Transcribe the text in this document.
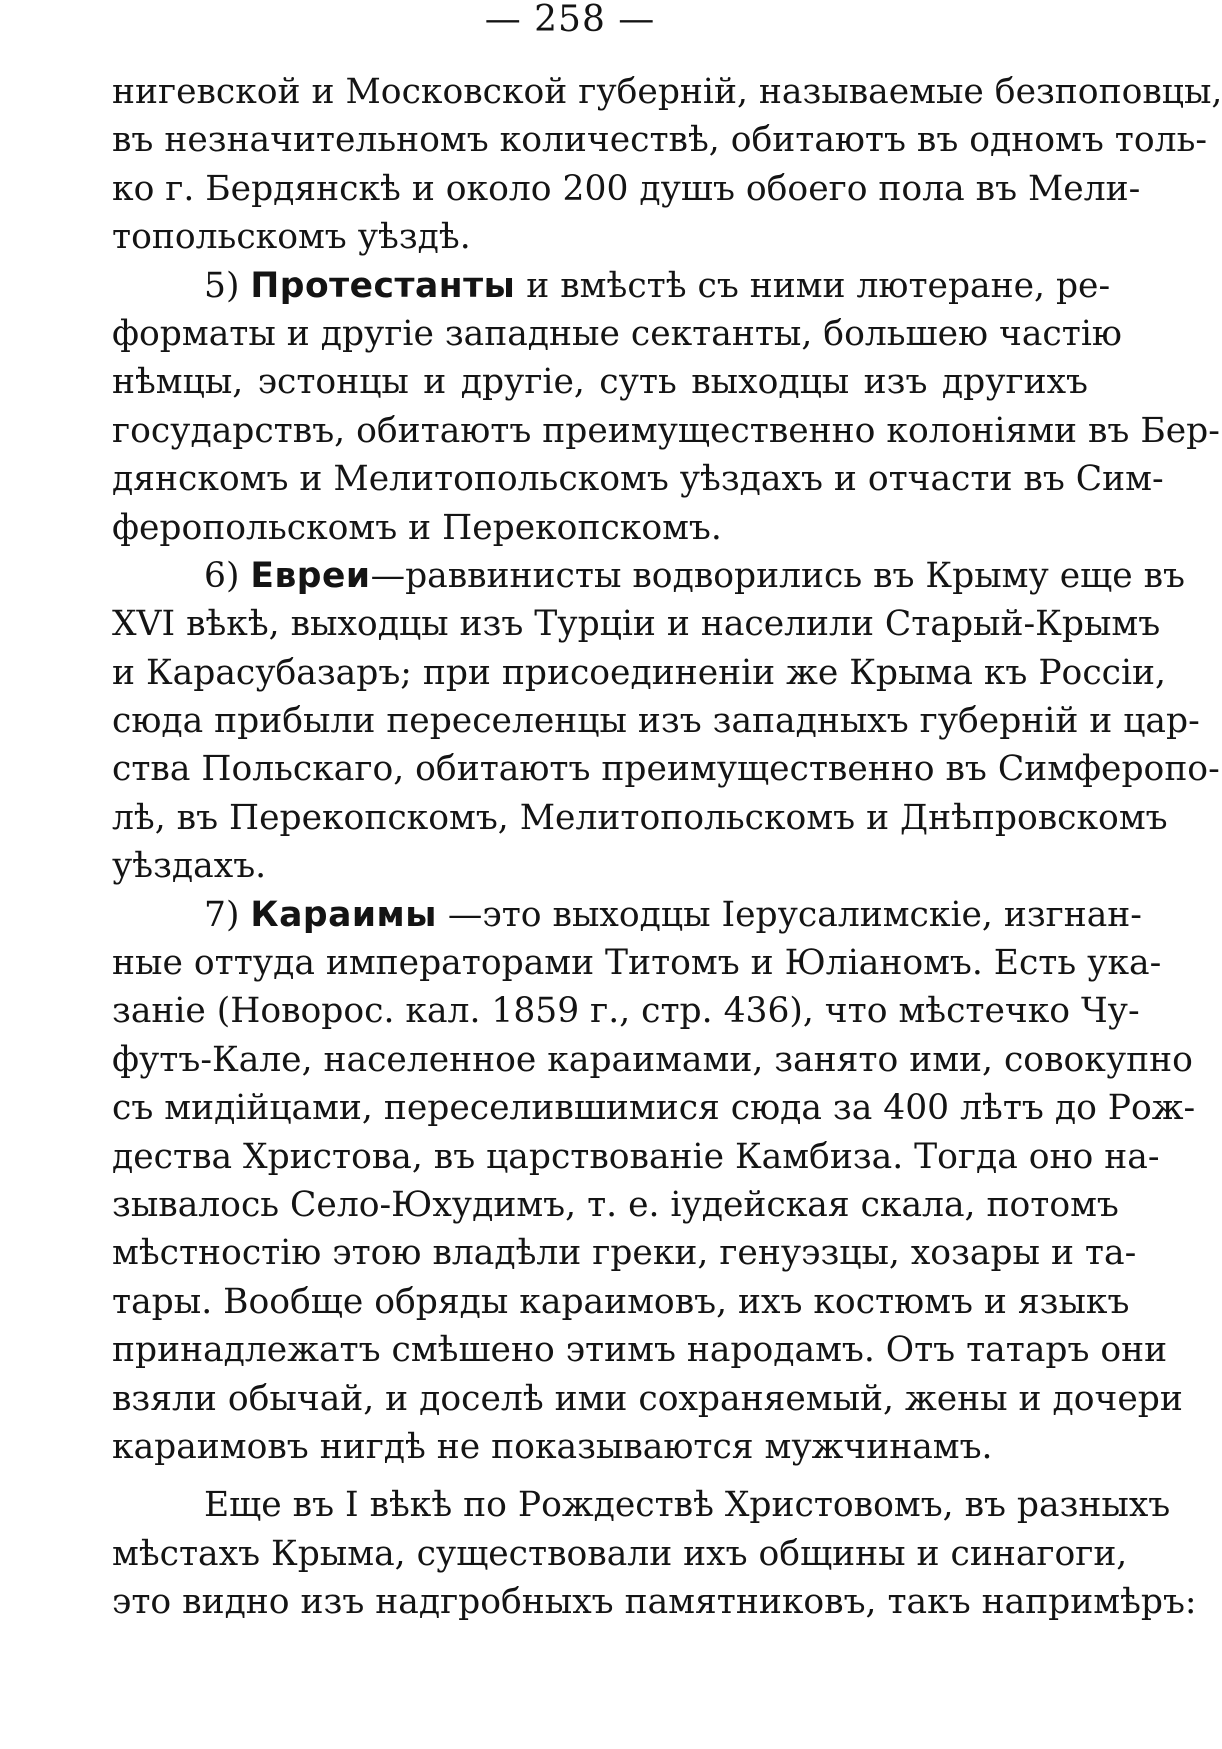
— 258 —
нигевской и Московской губерній, называемые безпоповцы,
въ незначительномъ количествѣ, обитаютъ въ одномъ толь-
ко г. Бердянскѣ и около 200 душъ обоего пола въ Мели-
топольскомъ уѣздѣ.
5) Протестанты и вмѣстѣ съ ними лютеране, ре-
форматы и другіе западные сектанты, большею частію
нѣмцы, эстонцы и другіе, суть выходцы изъ другихъ
государствъ, обитаютъ преимущественно колоніями въ Бер-
дянскомъ и Мелитопольскомъ уѣздахъ и отчасти въ Сим-
феропольскомъ и Перекопскомъ.
6) Евреи—раввинисты водворились въ Крыму еще въ
XVI вѣкѣ, выходцы изъ Турціи и населили Старый-Крымъ
и Карасубазаръ; при присоединеніи же Крыма къ Россіи,
сюда прибыли переселенцы изъ западныхъ губерній и цар-
ства Польскаго, обитаютъ преимущественно въ Симферопо-
лѣ, въ Перекопскомъ, Мелитопольскомъ и Днѣпровскомъ
уѣздахъ.
7) Караимы —это выходцы Іерусалимскіе, изгнан-
ные оттуда императорами Титомъ и Юліаномъ. Есть ука-
заніе (Новорос. кал. 1859 г., стр. 436), что мѣстечко Чу-
футъ-Кале, населенное караимами, занято ими, совокупно
съ мидійцами, переселившимися сюда за 400 лѣтъ до Рож-
дества Христова, въ царствованіе Камбиза. Тогда оно на-
зывалось Село-Юхудимъ, т. е. іудейская скала, потомъ
мѣстностію этою владѣли греки, генуэзцы, хозары и та-
тары. Вообще обряды караимовъ, ихъ костюмъ и языкъ
принадлежатъ смѣшено этимъ народамъ. Отъ татаръ они
взяли обычай, и доселѣ ими сохраняемый, жены и дочери
караимовъ нигдѣ не показываются мужчинамъ.
Еще въ I вѣкѣ по Рождествѣ Христовомъ, въ разныхъ
мѣстахъ Крыма, существовали ихъ общины и синагоги,
это видно изъ надгробныхъ памятниковъ, такъ напримѣръ:
